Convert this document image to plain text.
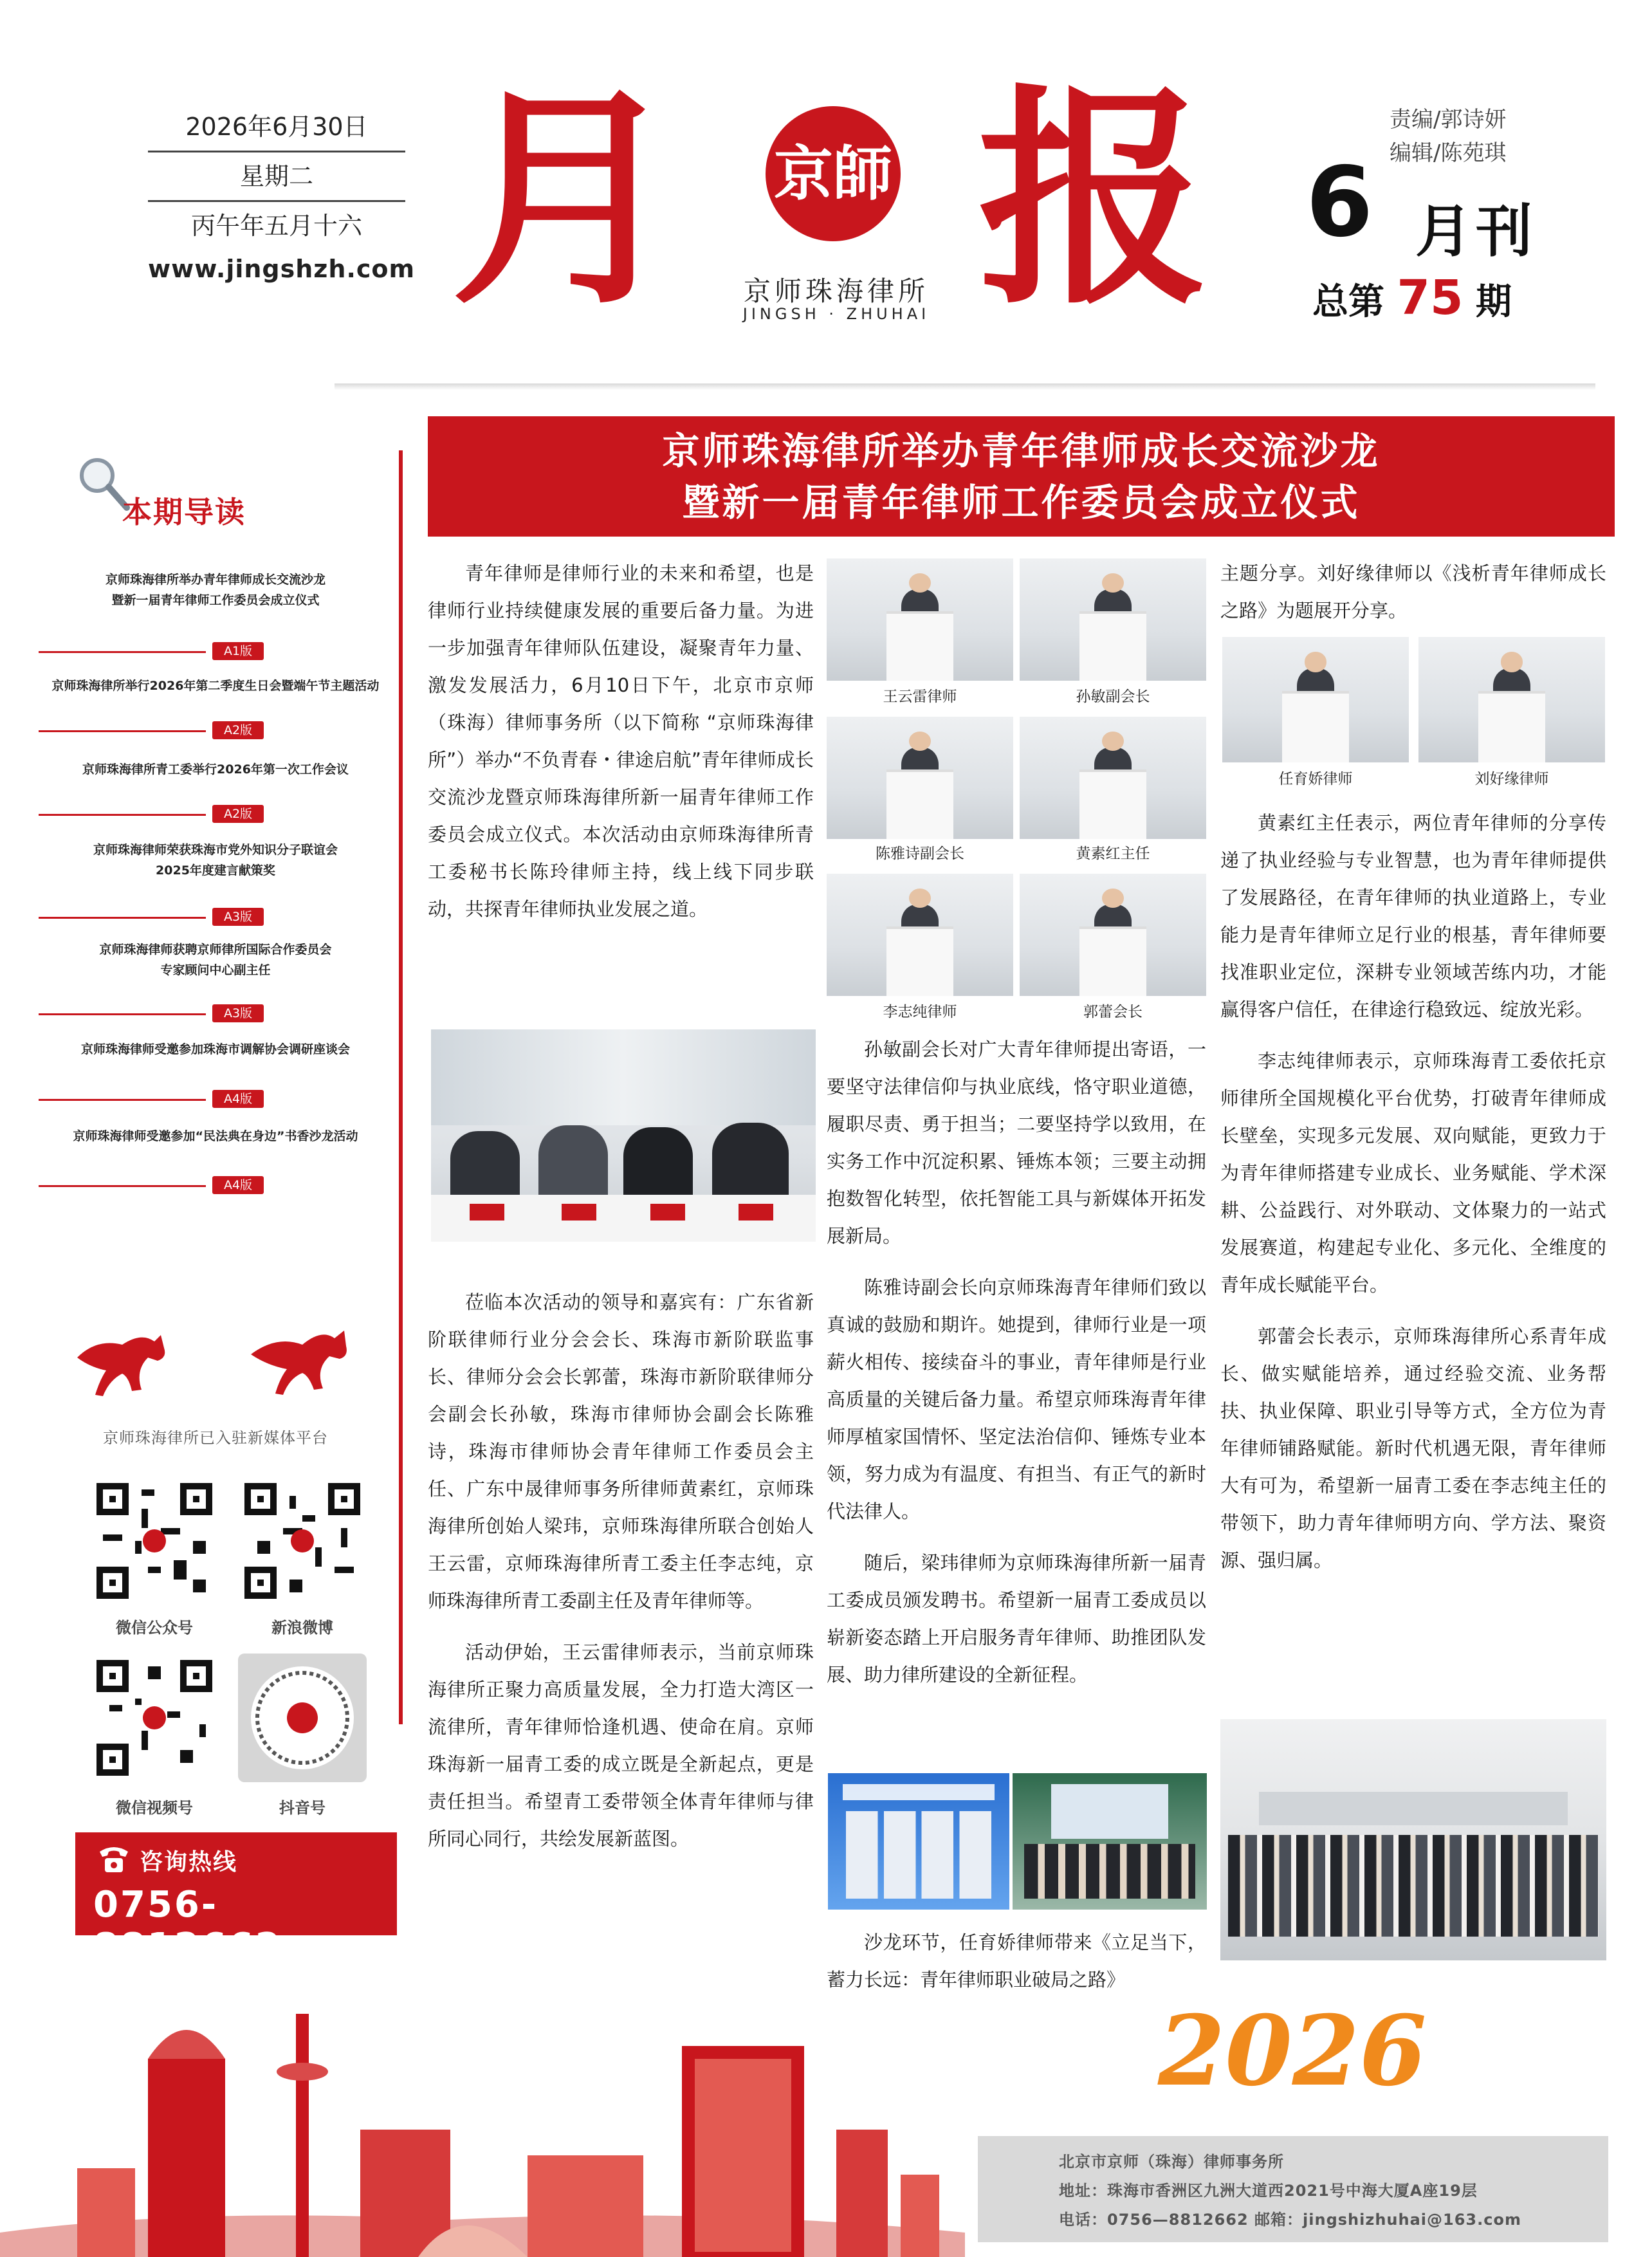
2026年6月30日
星期二
丙午年五月十六
www.jingshzh.com 月 报
京師
京师珠海律所
JINGSH · ZHUHAI
责编/郭诗妍
编辑/陈苑琪
6 月刊
总第 75 期
本期导读
京师珠海律所举办青年律师成长交流沙龙
暨新一届青年律师工作委员会成立仪式
A1版
京师珠海律所举行2026年第二季度生日会暨端午节主题活动
A2版
京师珠海律所青工委举行2026年第一次工作会议
A2版
京师珠海律师荣获珠海市党外知识分子联谊会
2025年度建言献策奖
A3版
京师珠海律师获聘京师律所国际合作委员会
专家顾问中心副主任
A3版
京师珠海律师受邀参加珠海市调解协会调研座谈会
A4版
京师珠海律师受邀参加“民法典在身边”书香沙龙活动
A4版
京师珠海律所已入驻新媒体平台
微信公众号	新浪微博
微信视频号	抖音号
咨询热线
0756-8812662
京师珠海律所举办青年律师成长交流沙龙
暨新一届青年律师工作委员会成立仪式

青年律师是律师行业的未来和希望，也是律师行业持续健康发展的重要后备力量。为进一步加强青年律师队伍建设，凝聚青年力量、激发发展活力，6月10日下午，北京市京师（珠海）律师事务所（以下简称 “京师珠海律所”）举办“不负青春・律途启航”青年律师成长交流沙龙暨京师珠海律所新一届青年律师工作委员会成立仪式。本次活动由京师珠海律所青工委秘书长陈玲律师主持，线上线下同步联动，共探青年律师执业发展之道。

莅临本次活动的领导和嘉宾有：广东省新阶联律师行业分会会长、珠海市新阶联监事长、律师分会会长郭蕾，珠海市新阶联律师分会副会长孙敏，珠海市律师协会副会长陈雅诗，珠海市律师协会青年律师工作委员会主任、广东中晟律师事务所律师黄素红，京师珠海律所创始人梁玮，京师珠海律所联合创始人王云雷，京师珠海律所青工委主任李志纯，京师珠海律所青工委副主任及青年律师等。

活动伊始，王云雷律师表示，当前京师珠海律所正聚力高质量发展，全力打造大湾区一流律所，青年律师恰逢机遇、使命在肩。京师珠海新一届青工委的成立既是全新起点，更是责任担当。希望青工委带领全体青年律师与律所同心同行，共绘发展新蓝图。

王云雷律师	孙敏副会长
陈雅诗副会长	黄素红主任
李志纯律师	郭蕾会长

孙敏副会长对广大青年律师提出寄语，一要坚守法律信仰与执业底线，恪守职业道德，履职尽责、勇于担当；二要坚持学以致用，在实务工作中沉淀积累、锤炼本领；三要主动拥抱数智化转型，依托智能工具与新媒体开拓发展新局。

陈雅诗副会长向京师珠海青年律师们致以真诚的鼓励和期许。她提到，律师行业是一项薪火相传、接续奋斗的事业，青年律师是行业高质量的关键后备力量。希望京师珠海青年律师厚植家国情怀、坚定法治信仰、锤炼专业本领，努力成为有温度、有担当、有正气的新时代法律人。

随后，梁玮律师为京师珠海律所新一届青工委成员颁发聘书。希望新一届青工委成员以崭新姿态踏上开启服务青年律师、助推团队发展、助力律所建设的全新征程。

沙龙环节，任育娇律师带来《立足当下，蓄力长远：青年律师职业破局之路》

主题分享。刘好缘律师以《浅析青年律师成长之路》为题展开分享。

任育娇律师	刘好缘律师

黄素红主任表示，两位青年律师的分享传递了执业经验与专业智慧，也为青年律师提供了发展路径，在青年律师的执业道路上，专业能力是青年律师立足行业的根基，青年律师要找准职业定位，深耕专业领域苦练内功，才能赢得客户信任，在律途行稳致远、绽放光彩。

李志纯律师表示，京师珠海青工委依托京师律所全国规模化平台优势，打破青年律师成长壁垒，实现多元发展、双向赋能，更致力于为青年律师搭建专业成长、业务赋能、学术深耕、公益践行、对外联动、文体聚力的一站式发展赛道，构建起专业化、多元化、全维度的青年成长赋能平台。

郭蕾会长表示，京师珠海律所心系青年成长、做实赋能培养，通过经验交流、业务帮扶、执业保障、职业引导等方式，全方位为青年律师铺路赋能。新时代机遇无限，青年律师大有可为，希望新一届青工委在李志纯主任的带领下，助力青年律师明方向、学方法、聚资源、强归属。

2026
北京市京师（珠海）律师事务所
地址：珠海市香洲区九洲大道西2021号中海大厦A座19层
电话：0756—8812662 邮箱：jingshizhuhai@163.com
